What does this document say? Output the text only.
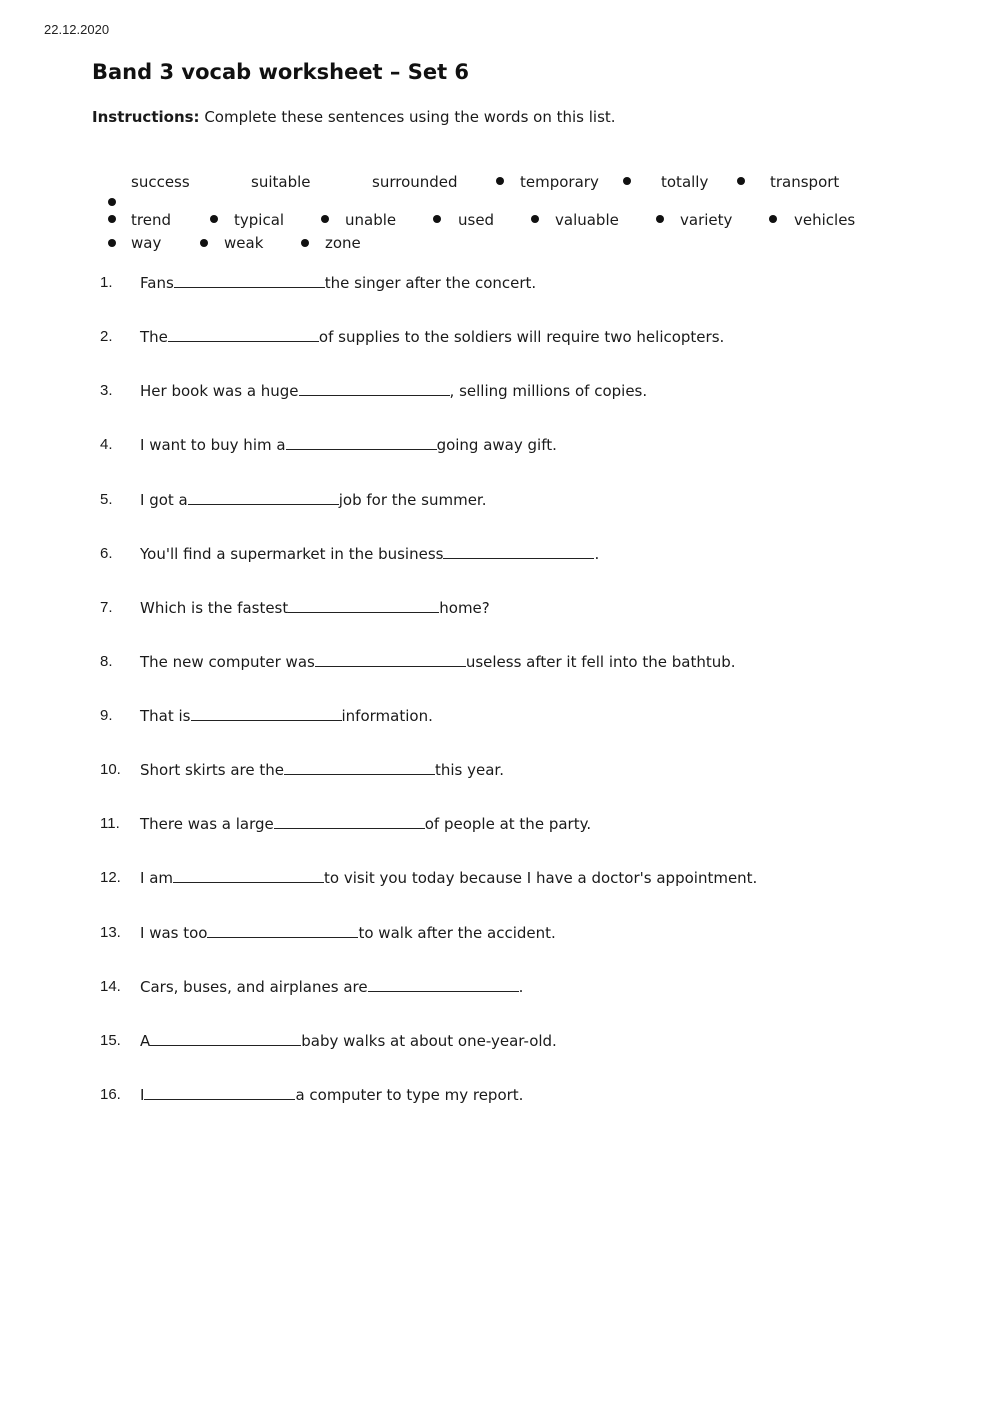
22.12.2020
Band 3 vocab worksheet – Set 6
Instructions: Complete these sentences using the words on this list.
success	suitable	surrounded	temporary	totally	transport
trend	typical	unable	used	valuable	variety	vehicles
way	weak	zone
1. Fans	the singer after the concert.
2. The	of supplies to the soldiers will require two helicopters.
3. Her book was a huge	, selling millions of copies.
4. I want to buy him a	going away gift.
5. I got a	job for the summer.
6. You'll find a supermarket in the business	.
7. Which is the fastest	home?
8. The new computer was	useless after it fell into the bathtub.
9. That is	information.
10. Short skirts are the	this year.
11. There was a large	of people at the party.
12. I am	to visit you today because I have a doctor's appointment.
13. I was too	to walk after the accident.
14. Cars, buses, and airplanes are	.
15. A	baby walks at about one-year-old.
16. I	a computer to type my report.
